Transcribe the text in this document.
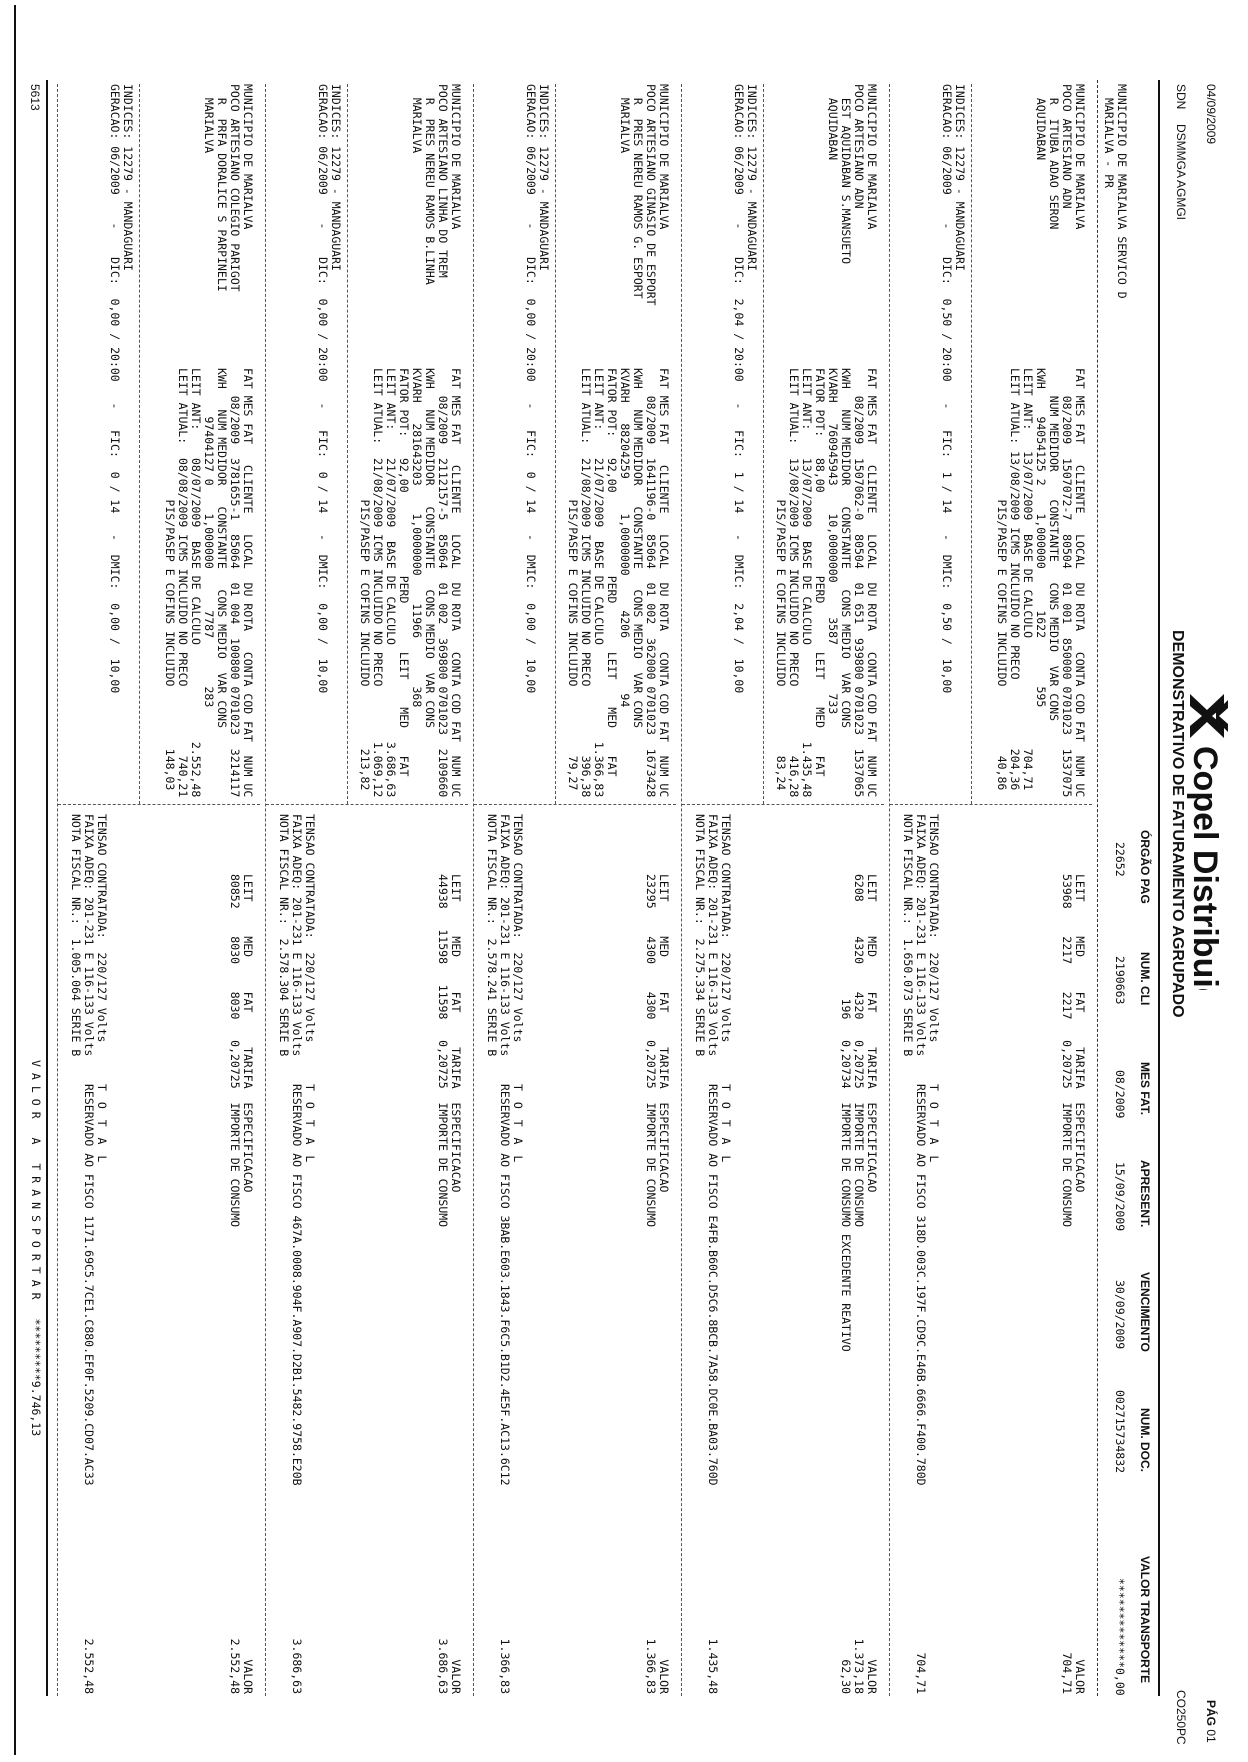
04/09/2009
SDN
DSMMGA AGMGI
Copel Distribuição	Copel Distribuição
PÁG 01
CO250PC
DEMONSTRATIVO DE FATURAMENTO AGRUPADO
ÓRGÃO PAG
NUM. CLI
MES FAT.
APRESENT.
VENCIMENTO
NUM. DOC.
VALOR TRANSPORTE
MUNICIPIO DE MARIALVA SERVICO D
MARIALVA - PR
22652
2190663
08/2009
15/09/2009
30/09/2009
00271573483​2
*************0,00
MUNICIPIO DE MARIALVA
POCO ARTESIANO ADN
R  ITUBA ADAO SERON
AQUIDABAN
FAT MES FAT   CLIENTE   LOCAL  DU ROTA   CONTA COD FAT  NUM UC
08/2009  1507072-7  80504  01 001  850000 0701023  1537075
NUM MEDIDOR    CONSTANTE   CONS MEDIO  VAR CONS
KWH    94054125 2    1,000000      1622       595
LEIT ANT:   13/07/2009  BASE DE CALCULO                704,71
LEIT ATUAL: 13/08/2009 ICMS INCLUIDO NO PRECO          204,36
PIS/PASEP E COFINS INCLUIDO          40,86
INDICES: 12279 - MANDAGUARI
GERACAO: 06/2009    -    DIC:  0,50 / 20:00   -   FIC:  1 / 14   -  DMIC:  0,50 /  10,00
LEIT     MED     FAT     TARIFA  ESPECIFICACAO
53968    2217    2217   0,20725  IMPORTE DE CONSUMO
VALOR
704,71
TENSAO CONTRATADA:  220/127 Volts
FAIXA ADEQ: 201-231 E 116-133 Volts
NOTA FISCAL NR.:  1.650.073 SERIE B
T O T A L
RESERVADO AO FISCO 318D.003C.197F.CD9C.E46B.6666.F400.780D
704,71
MUNICIPIO DE MARIALVA
POCO ARTESIANO ADN
EST AQUIDABAN S.MANSUETO
AQUIDABAN
FAT MES FAT   CLIENTE   LOCAL  DU ROTA   CONTA COD FAT  NUM UC
08/2009  1507062-0  80504  01 651  939800 0701023  1537065
KWH   NUM MEDIDOR   CONSTANTE   CONS MEDIO  VAR CONS
KVARH   760945943    10,0000000     3587       733
FATOR POT:   88,00            PERD       LEIT    MED    FAT
LEIT ANT:    13/07/2009  BASE DE CALCULO              1.435,48
LEIT ATUAL:  13/08/2009 ICMS INCLUIDO NO PRECO          416,28
PIS/PASEP E COFINS INCLUIDO          83,24
INDICES: 12279 - MANDAGUARI
GERACAO: 06/2009    -    DIC:  2,04 / 20:00   -   FIC:  1 / 14   -  DMIC:  2,04 /  10,00
LEIT     MED     FAT     TARIFA  ESPECIFICACAO
6208     4320    4320   0,20725  IMPORTE DE CONSUMO
196   0,20734  IMPORTE DE CONSUMO EXCEDENTE REATIVO
VALOR
1.373,18
62,30
TENSAO CONTRATADA:  220/127 Volts
FAIXA ADEQ: 201-231 E 116-133 Volts
NOTA FISCAL NR.:  2.275.334 SERIE B
T O T A L
RESERVADO AO FISCO E4FB.B60C.D5C6.8BCB.7A58.DC0E.BA03.760D
1.435,48
MUNICIPIO DE MARIALVA
POCO ARTESIANO GINASIO DE ESPORT
R  PRES NEREU RAMOS G. ESPORT
MARIALVA
FAT MES FAT   CLIENTE   LOCAL  DU ROTA   CONTA COD FAT  NUM UC
08/2009  1641196-0  85064  01 002  362000 0701023  1673428
KWH   NUM MEDIDOR   CONSTANTE   CONS MEDIO  VAR CONS
KVARH   88204259     1,0000000     4206        94
FATOR POT:   92,00            PERD       LEIT    MED    FAT
LEIT ANT:    21/07/2009  BASE DE CALCULO              1.366,83
LEIT ATUAL:  21/08/2009 ICMS INCLUIDO NO PRECO          396,38
PIS/PASEP E COFINS INCLUIDO          79,27
INDICES: 12279 - MANDAGUARI
GERACAO: 06/2009    -    DIC:  0,00 / 20:00   -   FIC:  0 / 14   -  DMIC:  0,00 /  10,00
LEIT     MED     FAT     TARIFA  ESPECIFICACAO
23295    4300    4300   0,20725  IMPORTE DE CONSUMO
VALOR
1.366,83
TENSAO CONTRATADA:  220/127 Volts
FAIXA ADEQ: 201-231 E 116-133 Volts
NOTA FISCAL NR.:  2.578.241 SERIE B
T O T A L
RESERVADO AO FISCO 3BAB.E603.1843.F6C5.B1D2.4E5F.AC13.6C12
1.366,83
MUNICIPIO DE MARIALVA
POCO ARTESIANO LINHA DO TREM
R  PRES NEREU RAMOS B.LINHA
MARIALVA
FAT MES FAT   CLIENTE   LOCAL  DU ROTA   CONTA COD FAT  NUM UC
08/2009  2112157-5  85064  01 002  369800 0701023  2109660
KWH   NUM MEDIDOR   CONSTANTE   CONS MEDIO  VAR CONS
KVARH   281643203    1,0000000    11966       368
FATOR POT:   92,00            PERD       LEIT    MED    FAT
LEIT ANT:    21/07/2009  BASE DE CALCULO              3.686,63
LEIT ATUAL:  21/08/2009 ICMS INCLUIDO NO PRECO        1.069,12
PIS/PASEP E COFINS INCLUIDO         213,82
INDICES: 12279 - MANDAGUARI
GERACAO: 06/2009    -    DIC:  0,00 / 20:00   -   FIC:  0 / 14   -  DMIC:  0,00 /  10,00
LEIT     MED     FAT     TARIFA  ESPECIFICACAO
44938   11598   11598   0,20725  IMPORTE DE CONSUMO
VALOR
3.686,63
TENSAO CONTRATADA:  220/127 Volts
FAIXA ADEQ: 201-231 E 116-133 Volts
NOTA FISCAL NR.:  2.578.304 SERIE B
T O T A L
RESERVADO AO FISCO 467A.0008.904F.A907.D2B1.5482.9758.E20B
3.686,63
MUNICIPIO DE MARIALVA
POCO ARTESIANO COLEGIO PARIGOT
R  PRFA DORALICE S PARPINELI
MARIALVA
FAT MES FAT   CLIENTE   LOCAL  DU ROTA   CONTA COD FAT  NUM UC
08/2009  3781655-1  85064  01 004  100800 0701023  3214117
KWH   NUM MEDIDOR   CONSTANTE   CONS MEDIO  VAR CONS
97404127 0    1,000000      7787       283
LEIT ANT:    08/07/2009  BASE DE CALCULO              2.552,48
LEIT ATUAL:  08/08/2009 ICMS INCLUIDO NO PRECO          740,21
PIS/PASEP E COFINS INCLUIDO         148,03
INDICES: 12279 - MANDAGUARI
GERACAO: 06/2009    -    DIC:  0,00 / 20:00   -   FIC:  0 / 14   -  DMIC:  0,00 /  10,00
LEIT     MED     FAT     TARIFA  ESPECIFICACAO
80852    8030    8030   0,20725  IMPORTE DE CONSUMO
VALOR
2.552,48
TENSAO CONTRATADA:  220/127 Volts
FAIXA ADEQ: 201-231 E 116-133 Volts
NOTA FISCAL NR.:  1.005.064 SERIE B
T O T A L
RESERVADO AO FISCO 1171.69C5.7CE1.C880.EF0F.5209.CD07.AC33
2.552,48
5613
VALOR A TRANSPORTAR *********9.746,13
